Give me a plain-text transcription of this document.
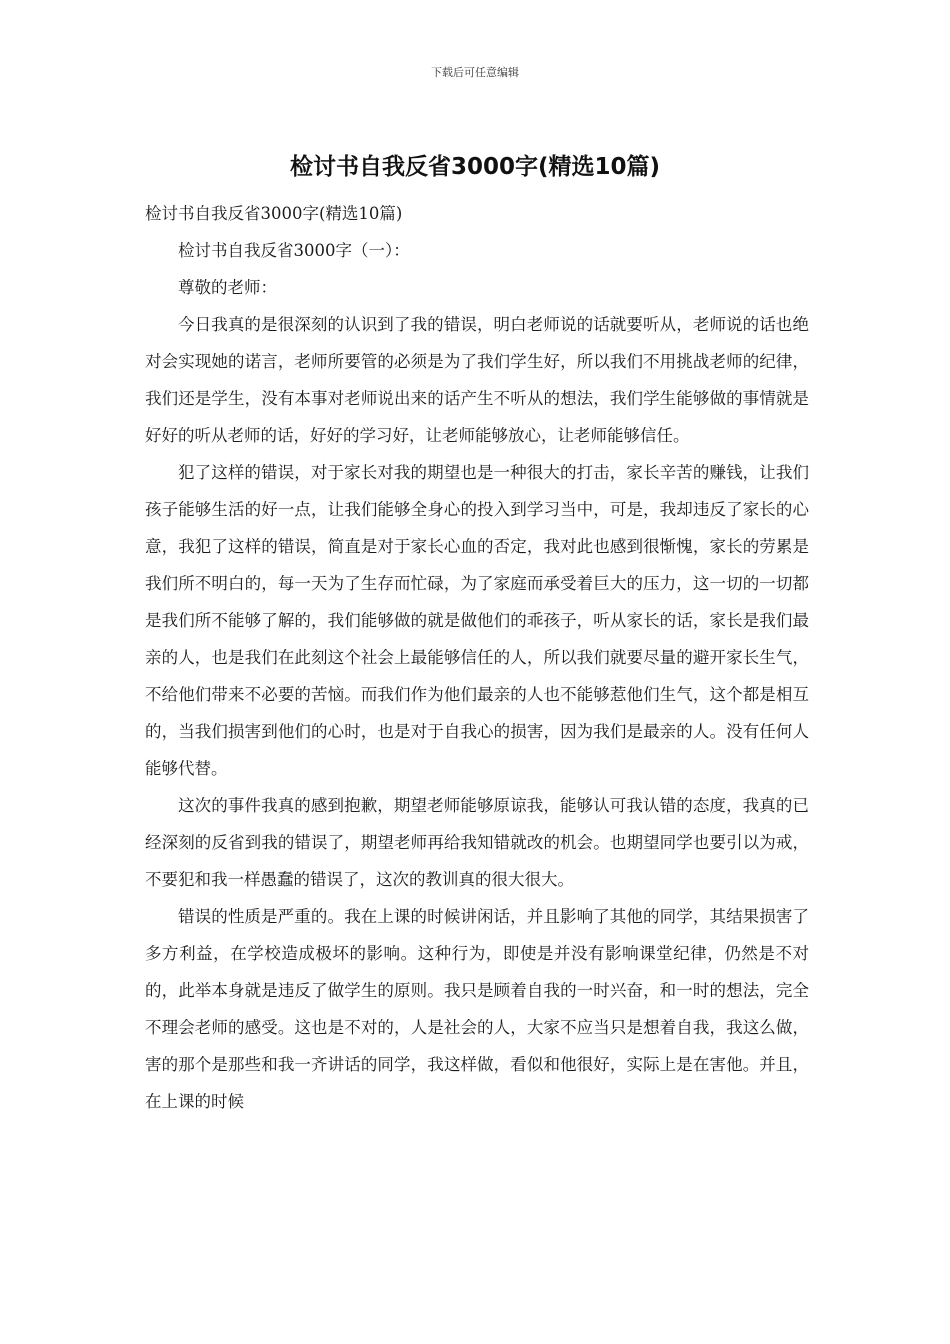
下载后可任意编辑
检讨书自我反省3000字(精选10篇)

检讨书自我反省3000字(精选10篇)

检讨书自我反省3000字（一）：

尊敬的老师：

今日我真的是很深刻的认识到了我的错误，明白老师说的话就要听从，老师说的话也绝对会实现她的诺言，老师所要管的必须是为了我们学生好，所以我们不用挑战老师的纪律，我们还是学生，没有本事对老师说出来的话产生不听从的想法，我们学生能够做的事情就是好好的听从老师的话，好好的学习好，让老师能够放心，让老师能够信任。

犯了这样的错误，对于家长对我的期望也是一种很大的打击，家长辛苦的赚钱，让我们孩子能够生活的好一点，让我们能够全身心的投入到学习当中，可是，我却违反了家长的心意，我犯了这样的错误，简直是对于家长心血的否定，我对此也感到很惭愧，家长的劳累是我们所不明白的，每一天为了生存而忙碌，为了家庭而承受着巨大的压力，这一切的一切都是我们所不能够了解的，我们能够做的就是做他们的乖孩子，听从家长的话，家长是我们最亲的人，也是我们在此刻这个社会上最能够信任的人，所以我们就要尽量的避开家长生气，不给他们带来不必要的苦恼。而我们作为他们最亲的人也不能够惹他们生气，这个都是相互的，当我们损害到他们的心时，也是对于自我心的损害，因为我们是最亲的人。没有任何人能够代替。

这次的事件我真的感到抱歉，期望老师能够原谅我，能够认可我认错的态度，我真的已经深刻的反省到我的错误了，期望老师再给我知错就改的机会。也期望同学也要引以为戒，不要犯和我一样愚蠢的错误了，这次的教训真的很大很大。

错误的性质是严重的。我在上课的时候讲闲话，并且影响了其他的同学，其结果损害了多方利益，在学校造成极坏的影响。这种行为，即使是并没有影响课堂纪律，仍然是不对的，此举本身就是违反了做学生的原则。我只是顾着自我的一时兴奋，和一时的想法，完全不理会老师的感受。这也是不对的，人是社会的人，大家不应当只是想着自我，我这么做，害的那个是那些和我一齐讲话的同学，我这样做，看似和他很好，实际上是在害他。并且，在上课的时候
